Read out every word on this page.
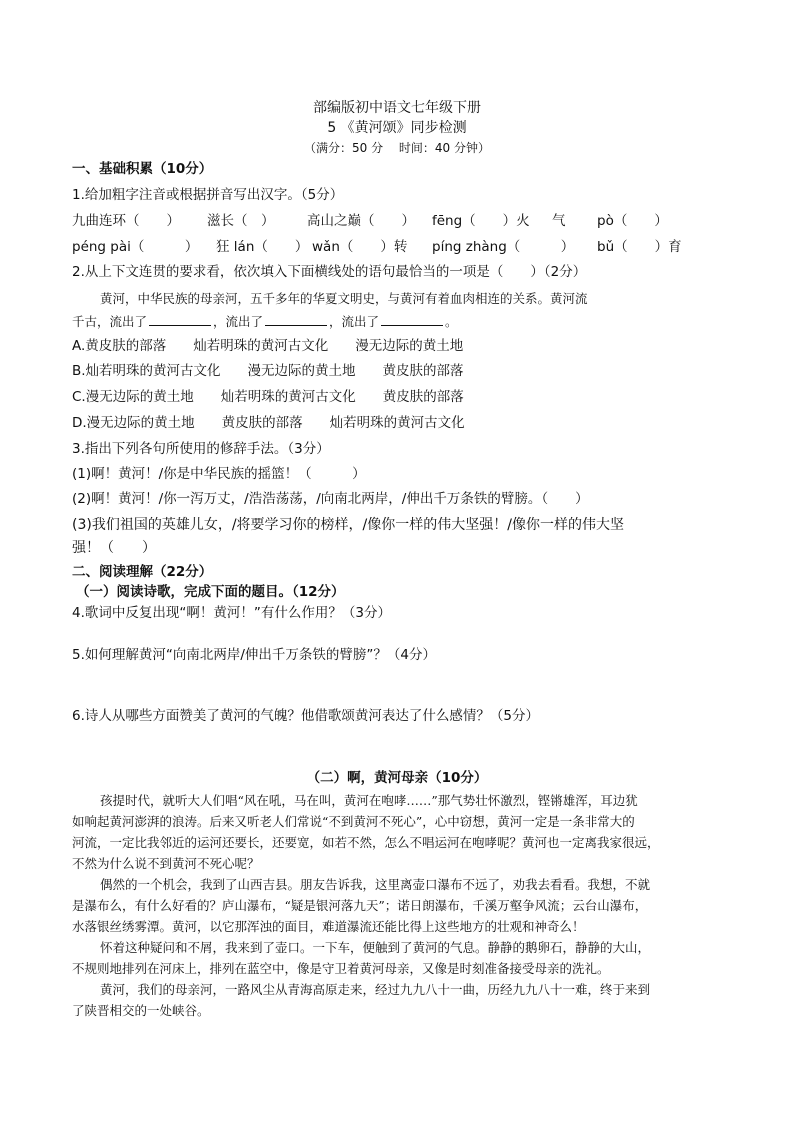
部编版初中语文七年级下册
5 《黄河颂》同步检测
（满分：50 分　 时间：40 分钟）
一、基础积累（10分）
1.给加粗字注音或根据拼音写出汉字。（5分）
九曲连环（　　） 滋长（　） 高山之巅（　　） fēng（　　）火 气 pò（　　）
péng pài（　　　） 狂 lán（　　） wǎn（　　）转 píng zhàng（　　　） bǔ（　　）育
2.从上下文连贯的要求看，依次填入下面横线处的语句最恰当的一项是（　　）（2分）
黄河，中华民族的母亲河，五千多年的华夏文明史，与黄河有着血肉相连的关系。黄河流
千古，流出了	，流出了	，流出了	。
A.黄皮肤的部落　　灿若明珠的黄河古文化　　漫无边际的黄土地
B.灿若明珠的黄河古文化　　漫无边际的黄土地　　黄皮肤的部落
C.漫无边际的黄土地　　灿若明珠的黄河古文化　　黄皮肤的部落
D.漫无边际的黄土地　　黄皮肤的部落　　灿若明珠的黄河古文化
3.指出下列各句所使用的修辞手法。（3分）
(1)啊！黄河！/你是中华民族的摇篮！（　　　）
(2)啊！黄河！/你一泻万丈，/浩浩荡荡，/向南北两岸，/伸出千万条铁的臂膀。（　　）
(3)我们祖国的英雄儿女，/将要学习你的榜样，/像你一样的伟大坚强！/像你一样的伟大坚
强！（　　）
二、阅读理解（22分）
（一）阅读诗歌，完成下面的题目。（12分）
4.歌词中反复出现“啊！黄河！”有什么作用？（3分）
5.如何理解黄河“向南北两岸/伸出千万条铁的臂膀”？（4分）
6.诗人从哪些方面赞美了黄河的气魄？他借歌颂黄河表达了什么感情？（5分）
（二）啊，黄河母亲（10分）
孩提时代，就听大人们唱“风在吼，马在叫，黄河在咆哮……”那气势壮怀激烈，铿锵雄浑，耳边犹
如响起黄河澎湃的浪涛。后来又听老人们常说“不到黄河不死心”，心中窃想，黄河一定是一条非常大的
河流，一定比我邻近的运河还要长，还要宽，如若不然，怎么不唱运河在咆哮呢？黄河也一定离我家很远，
不然为什么说不到黄河不死心呢？
偶然的一个机会，我到了山西吉县。朋友告诉我，这里离壶口瀑布不远了，劝我去看看。我想，不就
是瀑布么，有什么好看的？庐山瀑布，“疑是银河落九天”；诺日朗瀑布，千溪万壑争风流；云台山瀑布，
水落银丝绣雾潭。黄河，以它那浑浊的面目，难道瀑流还能比得上这些地方的壮观和神奇么！
怀着这种疑问和不屑，我来到了壶口。一下车，便触到了黄河的气息。静静的鹅卵石，静静的大山，
不规则地排列在河床上，排列在蓝空中，像是守卫着黄河母亲，又像是时刻准备接受母亲的洗礼。
黄河，我们的母亲河，一路风尘从青海高原走来，经过九九八十一曲，历经九九八十一难，终于来到
了陕晋相交的一处峡谷。
